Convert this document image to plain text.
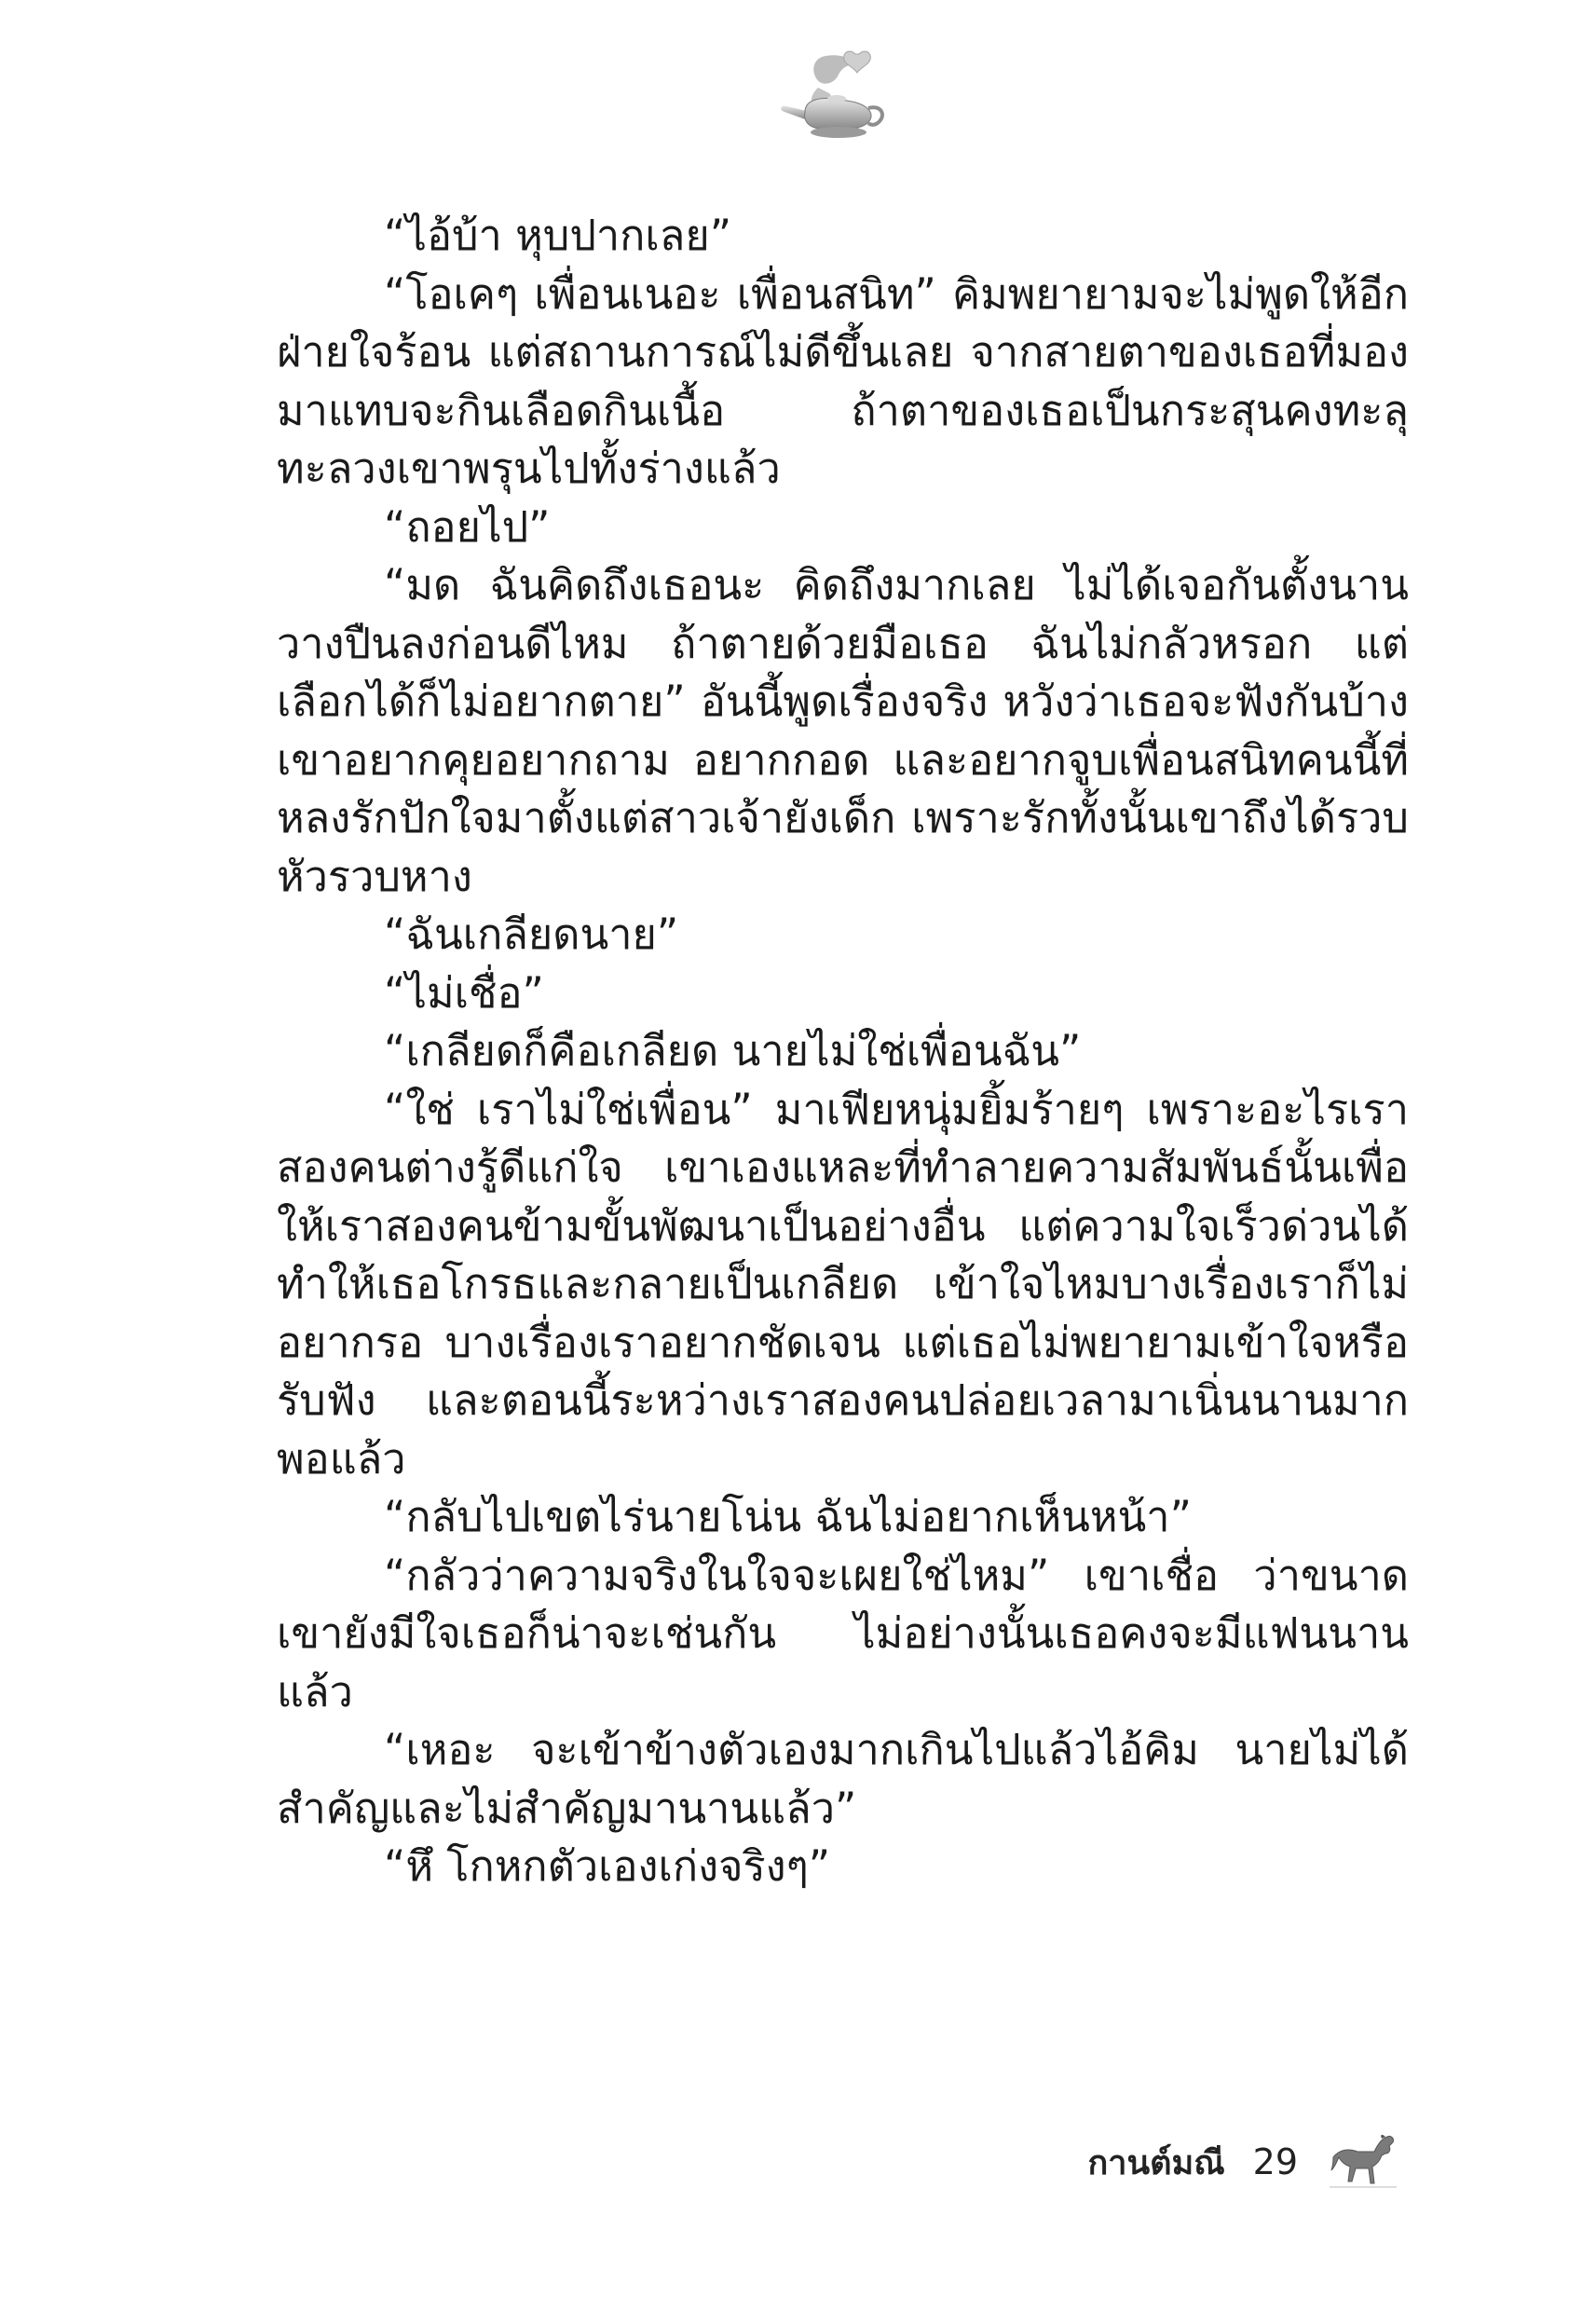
“ไอ้บ้า หุบปากเลย”

“โอเคๆ เพื่อนเนอะ เพื่อนสนิท” คิมพยายามจะไม่พูดให้อีกฝ่ายใจร้อน แต่สถานการณ์ไม่ดีขึ้นเลย จากสายตาของเธอที่มองมาแทบจะกินเลือดกินเนื้อ ถ้าตาของเธอเป็นกระสุนคงทะลุทะลวงเขาพรุนไปทั้งร่างแล้ว

“ถอยไป”

“มด ฉันคิดถึงเธอนะ คิดถึงมากเลย ไม่ได้เจอกันตั้งนานวางปืนลงก่อนดีไหม ถ้าตายด้วยมือเธอ ฉันไม่กลัวหรอก แต่เลือกได้ก็ไม่อยากตาย” อันนี้พูดเรื่องจริง หวังว่าเธอจะฟังกันบ้าง เขาอยากคุยอยากถาม อยากกอด และอยากจูบเพื่อนสนิทคนนี้ที่หลงรักปักใจมาตั้งแต่สาวเจ้ายังเด็ก เพราะรักทั้งนั้นเขาถึงได้รวบหัวรวบหาง

“ฉันเกลียดนาย”

“ไม่เชื่อ”

“เกลียดก็คือเกลียด นายไม่ใช่เพื่อนฉัน”

“ใช่ เราไม่ใช่เพื่อน” มาเฟียหนุ่มยิ้มร้ายๆ เพราะอะไรเราสองคนต่างรู้ดีแก่ใจ เขาเองแหละที่ทำลายความสัมพันธ์นั้นเพื่อให้เราสองคนข้ามขั้นพัฒนาเป็นอย่างอื่น แต่ความใจเร็วด่วนได้ทำให้เธอโกรธและกลายเป็นเกลียด เข้าใจไหมบางเรื่องเราก็ไม่อยากรอ บางเรื่องเราอยากชัดเจน แต่เธอไม่พยายามเข้าใจหรือรับฟัง และตอนนี้ระหว่างเราสองคนปล่อยเวลามาเนิ่นนานมากพอแล้ว

“กลับไปเขตไร่นายโน่น ฉันไม่อยากเห็นหน้า”

“กลัวว่าความจริงในใจจะเผยใช่ไหม” เขาเชื่อ ว่าขนาดเขายังมีใจเธอก็น่าจะเช่นกัน ไม่อย่างนั้นเธอคงจะมีแฟนนานแล้ว

“เหอะ จะเข้าข้างตัวเองมากเกินไปแล้วไอ้คิม นายไม่ได้สำคัญและไม่สำคัญมานานแล้ว”

“หึ โกหกตัวเองเก่งจริงๆ”

กานต์มณี 29
